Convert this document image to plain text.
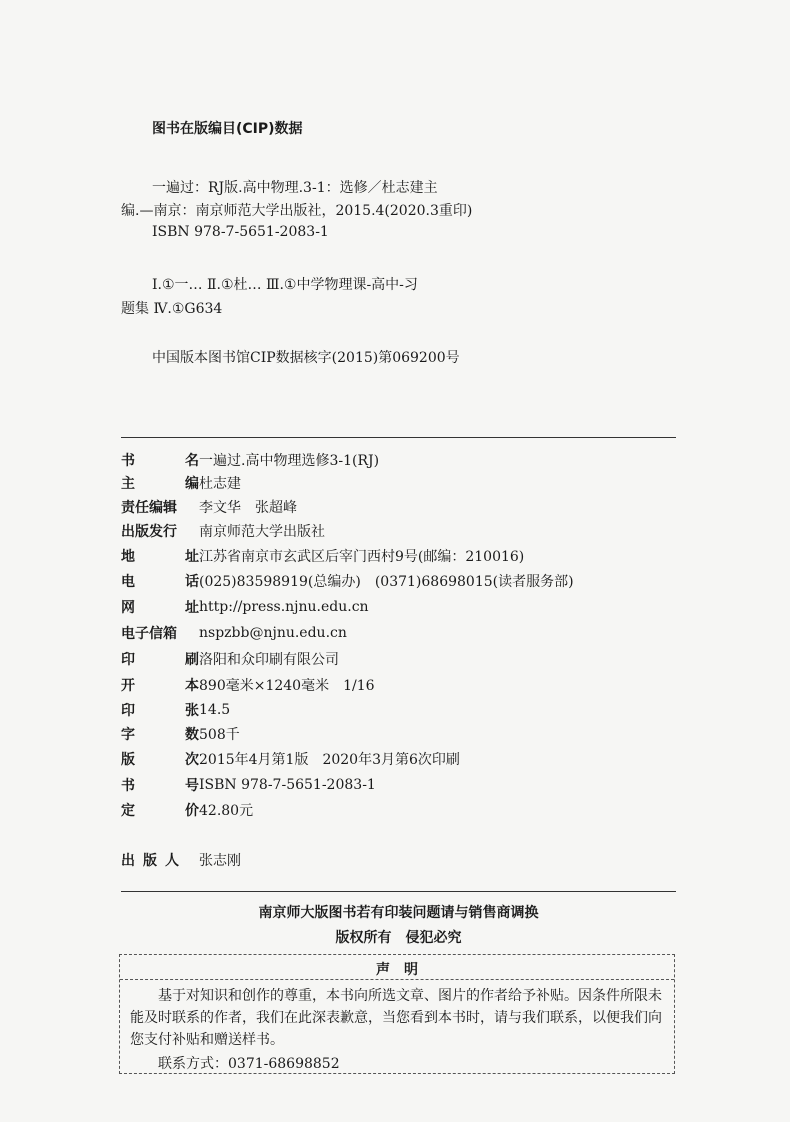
图书在版编目(CIP)数据
一遍过：RJ版.高中物理.3-1：选修／杜志建主
编.—南京：南京师范大学出版社，2015.4(2020.3重印)
ISBN 978-7-5651-2083-1
Ⅰ.①一… Ⅱ.①杜… Ⅲ.①中学物理课-高中-习
题集 Ⅳ.①G634
中国版本图书馆CIP数据核字(2015)第069200号
书	名 一遍过.高中物理选修3-1(RJ)
主	编 杜志建
责任编辑 李文华　张超峰
出版发行 南京师范大学出版社
地	址 江苏省南京市玄武区后宰门西村9号(邮编：210016)
电	话 (025)83598919(总编办)　(0371)68698015(读者服务部)
网	址 http://press.njnu.edu.cn
电子信箱 nspzbb@njnu.edu.cn
印	刷 洛阳和众印刷有限公司
开	本 890毫米×1240毫米　1/16
印	张 14.5
字	数 508千
版	次 2015年4月第1版　2020年3月第6次印刷
书	号 ISBN 978-7-5651-2083-1
定	价 42.80元
出 版 人 张志刚
南京师大版图书若有印装问题请与销售商调换
版权所有　侵犯必究
声　明
基于对知识和创作的尊重，本书向所选文章、图片的作者给予补贴。因条件所限未能及时联系的作者，我们在此深表歉意，当您看到本书时，请与我们联系，以便我们向您支付补贴和赠送样书。
联系方式：0371-68698852
